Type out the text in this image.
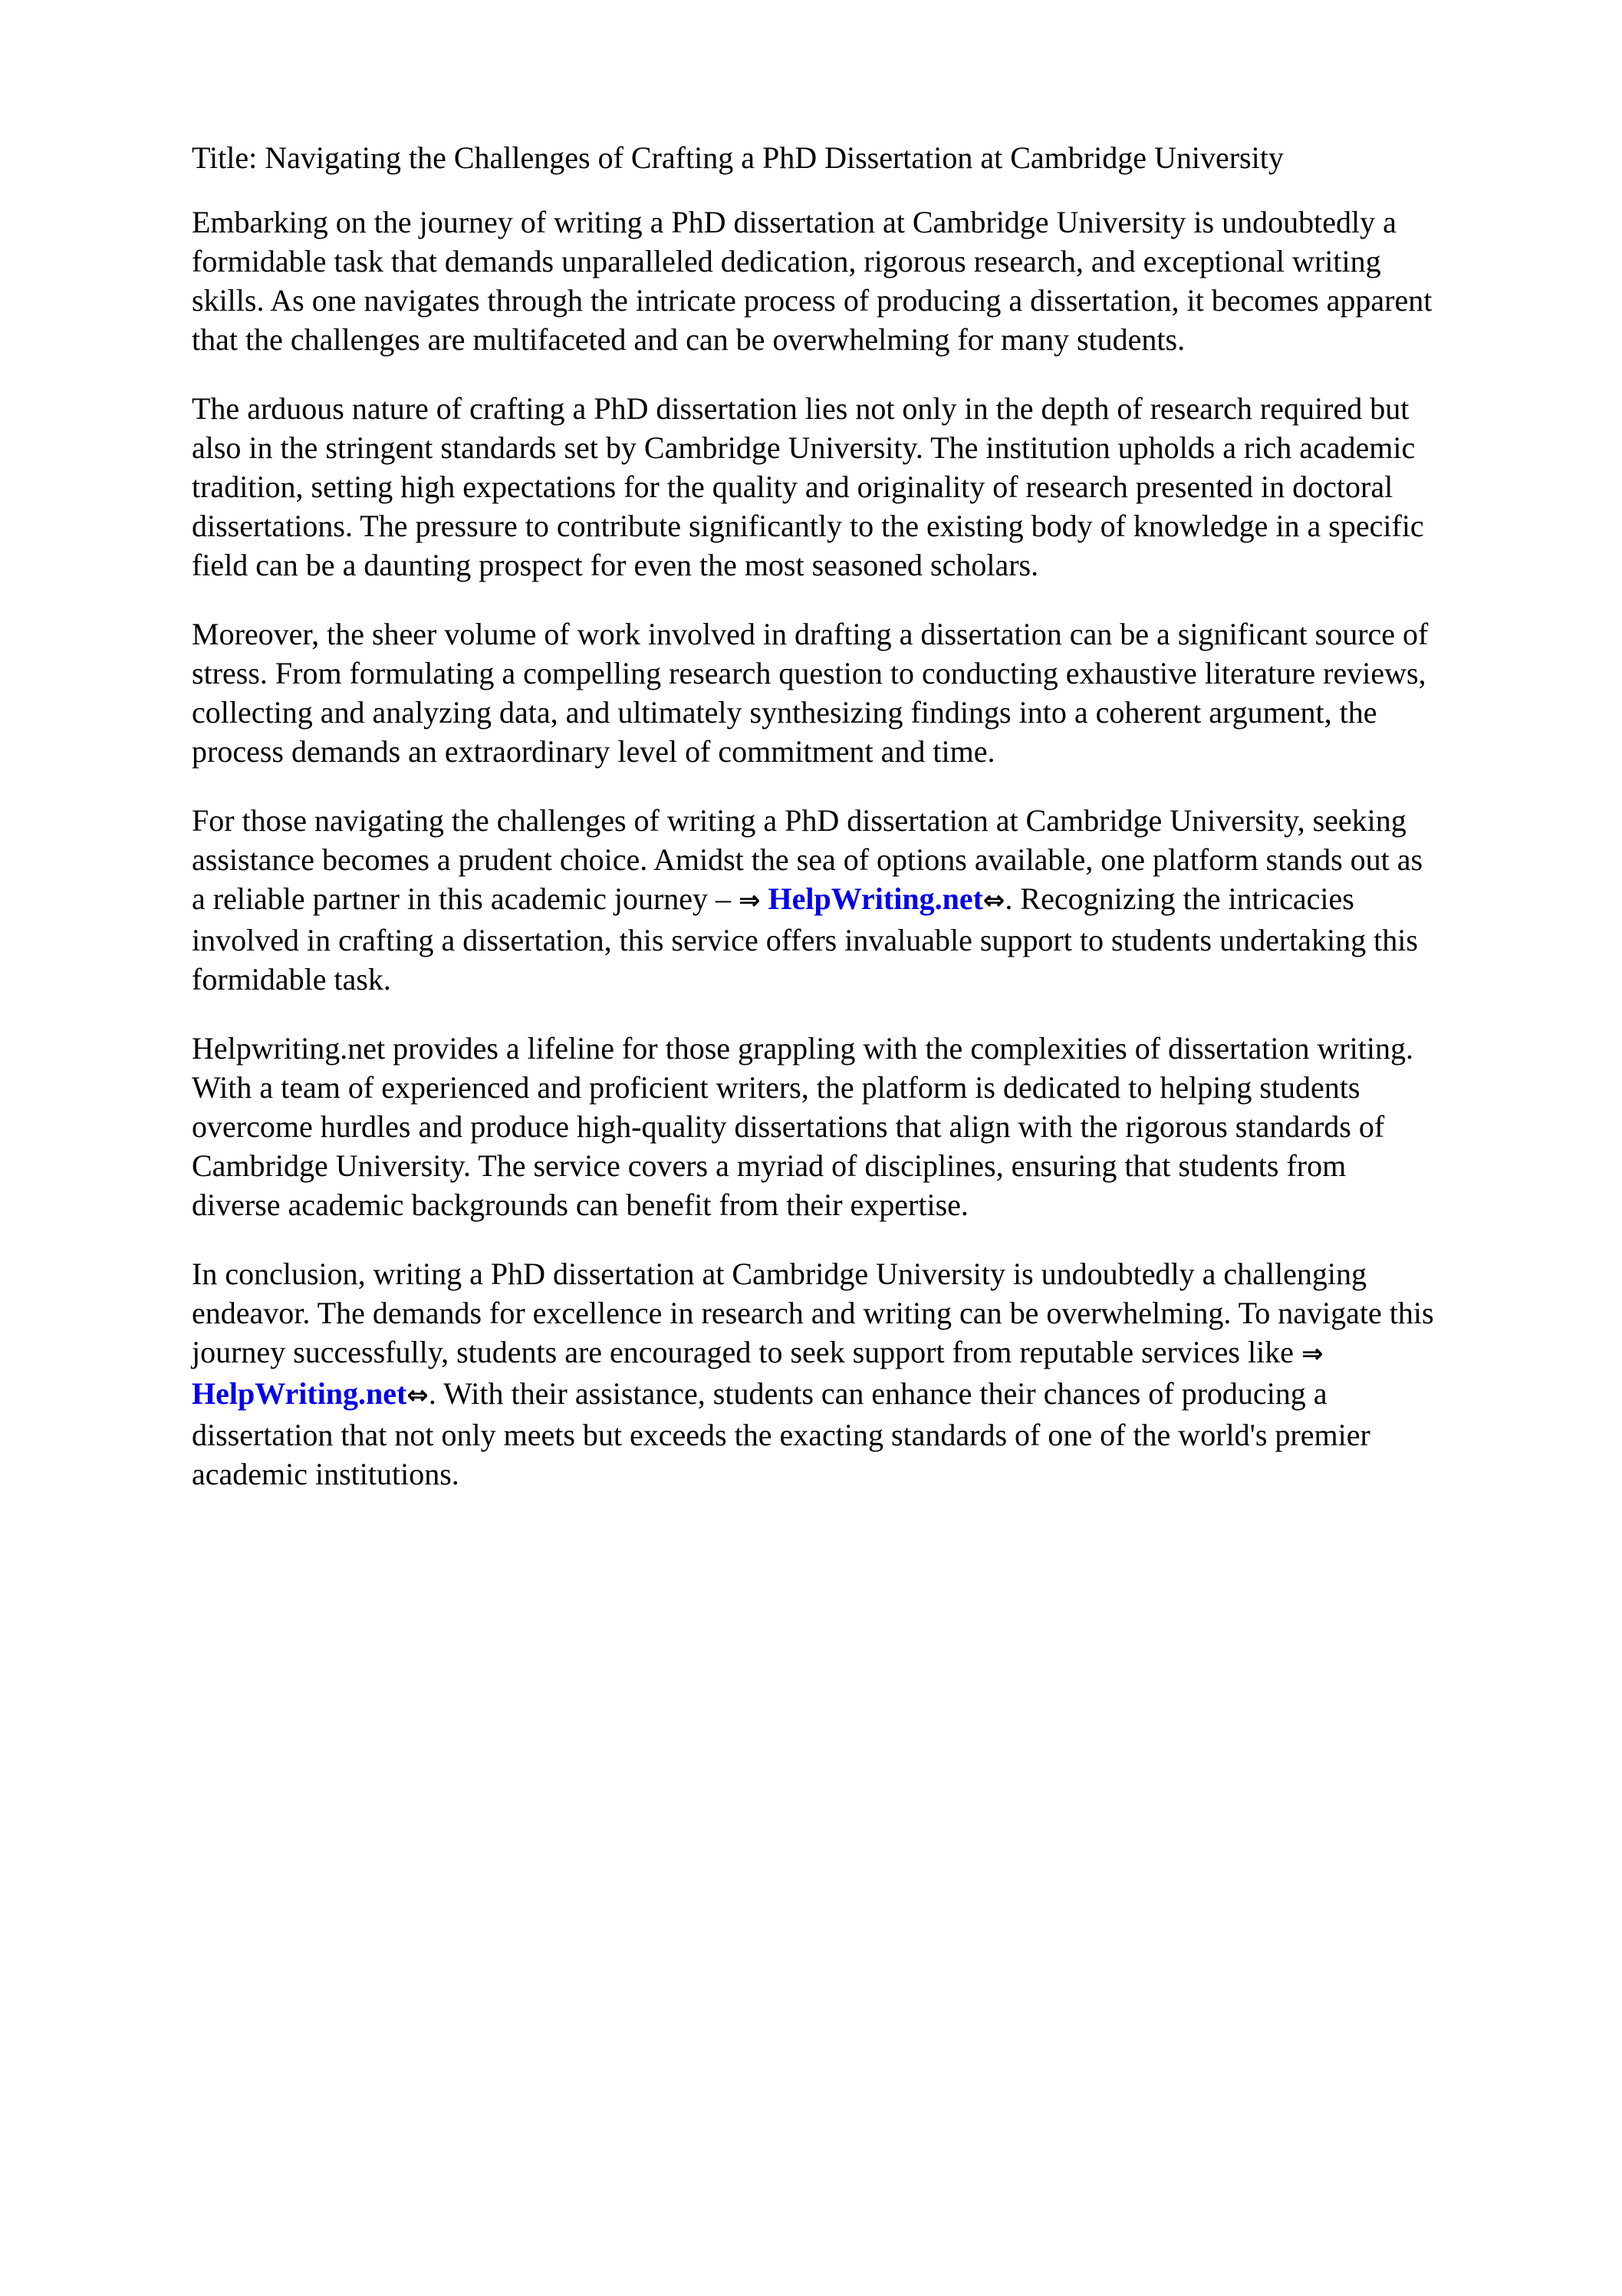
Title: Navigating the Challenges of Crafting a PhD Dissertation at Cambridge University

Embarking on the journey of writing a PhD dissertation at Cambridge University is undoubtedly a
formidable task that demands unparalleled dedication, rigorous research, and exceptional writing
skills. As one navigates through the intricate process of producing a dissertation, it becomes apparent
that the challenges are multifaceted and can be overwhelming for many students.

The arduous nature of crafting a PhD dissertation lies not only in the depth of research required but
also in the stringent standards set by Cambridge University. The institution upholds a rich academic
tradition, setting high expectations for the quality and originality of research presented in doctoral
dissertations. The pressure to contribute significantly to the existing body of knowledge in a specific
field can be a daunting prospect for even the most seasoned scholars.

Moreover, the sheer volume of work involved in drafting a dissertation can be a significant source of
stress. From formulating a compelling research question to conducting exhaustive literature reviews,
collecting and analyzing data, and ultimately synthesizing findings into a coherent argument, the
process demands an extraordinary level of commitment and time.

For those navigating the challenges of writing a PhD dissertation at Cambridge University, seeking
assistance becomes a prudent choice. Amidst the sea of options available, one platform stands out as
a reliable partner in this academic journey – ⇒ HelpWriting.net⇔. Recognizing the intricacies
involved in crafting a dissertation, this service offers invaluable support to students undertaking this
formidable task.

Helpwriting.net provides a lifeline for those grappling with the complexities of dissertation writing.
With a team of experienced and proficient writers, the platform is dedicated to helping students
overcome hurdles and produce high-quality dissertations that align with the rigorous standards of
Cambridge University. The service covers a myriad of disciplines, ensuring that students from
diverse academic backgrounds can benefit from their expertise.

In conclusion, writing a PhD dissertation at Cambridge University is undoubtedly a challenging
endeavor. The demands for excellence in research and writing can be overwhelming. To navigate this
journey successfully, students are encouraged to seek support from reputable services like ⇒
HelpWriting.net⇔. With their assistance, students can enhance their chances of producing a
dissertation that not only meets but exceeds the exacting standards of one of the world's premier
academic institutions.
